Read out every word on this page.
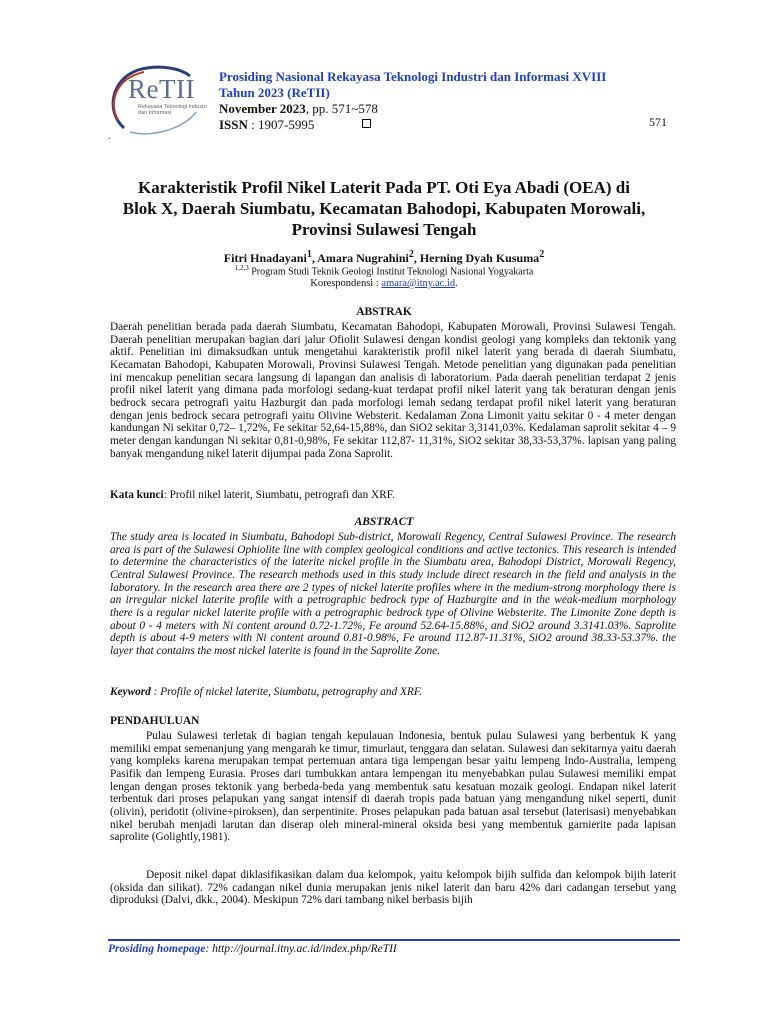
ReTII
Rekayasa Teknologi Industri dan Informasi
Prosiding Nasional Rekayasa Teknologi Industri dan Informasi XVIII
Tahun 2023 (ReTII)
November 2023, pp. 571~578
ISSN : 1907-5995	571
.
Karakteristik Profil Nikel Laterit Pada PT. Oti Eya Abadi (OEA) di Blok X, Daerah Siumbatu, Kecamatan Bahodopi, Kabupaten Morowali, Provinsi Sulawesi Tengah
Fitri Hnadayani$^1$, Amara Nugrahini$^2$, Herning Dyah Kusuma$^2$
$^{1,2,3}$ Program Studi Teknik Geologi Institut Teknologi Nasional Yogyakarta
Korespondensi : amara@itny.ac.id.
ABSTRAK
Daerah penelitian berada pada daerah Siumbatu, Kecamatan Bahodopi, Kabupaten Morowali, Provinsi Sulawesi Tengah. Daerah penelitian merupakan bagian dari jalur Ofiolit Sulawesi dengan kondisi geologi yang kompleks dan tektonik yang aktif. Penelitian ini dimaksudkan untuk mengetahui karakteristik profil nikel laterit yang berada di daerah Siumbatu, Kecamatan Bahodopi, Kabupaten Morowali, Provinsi Sulawesi Tengah. Metode penelitian yang digunakan pada penelitian ini mencakup penelitian secara langsung di lapangan dan analisis di laboratorium. Pada daerah penelitian terdapat 2 jenis profil nikel laterit yang dimana pada morfologi sedang-kuat terdapat profil nikel laterit yang tak beraturan dengan jenis bedrock secara petrografi yaitu Hazburgit dan pada morfologi lemah sedang terdapat profil nikel laterit yang beraturan dengan jenis bedrock secara petrografi yaitu Olivine Websterit. Kedalaman Zona Limonit yaitu sekitar 0 - 4 meter dengan kandungan Ni sekitar 0,72– 1,72%, Fe sekitar 52,64-15,88%, dan SiO2 sekitar 3,3141,03%. Kedalaman saprolit sekitar 4 – 9 meter dengan kandungan Ni sekitar 0,81-0,98%, Fe sekitar 112,87- 11,31%, SiO2 sekitar 38,33-53,37%. lapisan yang paling banyak mengandung nikel laterit dijumpai pada Zona Saprolit.
Kata kunci: Profil nikel laterit, Siumbatu, petrografi dan XRF.
ABSTRACT
The study area is located in Siumbatu, Bahodopi Sub-district, Morowali Regency, Central Sulawesi Province. The research area is part of the Sulawesi Ophiolite line with complex geological conditions and active tectonics. This research is intended to determine the characteristics of the laterite nickel profile in the Siumbatu area, Bahodopi District, Morowali Regency, Central Sulawesi Province. The research methods used in this study include direct research in the field and analysis in the laboratory. In the research area there are 2 types of nickel laterite profiles where in the medium-strong morphology there is an irregular nickel laterite profile with a petrographic bedrock type of Hazburgite and in the weak-medium morphology there is a regular nickel laterite profile with a petrographic bedrock type of Olivine Websterite. The Limonite Zone depth is about 0 - 4 meters with Ni content around 0.72-1.72%, Fe around 52.64-15.88%, and SiO2 around 3.3141.03%. Saprolite depth is about 4-9 meters with Ni content around 0.81-0.98%, Fe around 112.87-11.31%, SiO2 around 38.33-53.37%. the layer that contains the most nickel laterite is found in the Saprolite Zone.
Keyword : Profile of nickel laterite, Siumbatu, petrography and XRF.
PENDAHULUAN
Pulau Sulawesi terletak di bagian tengah kepulauan Indonesia, bentuk pulau Sulawesi yang berbentuk K yang memiliki empat semenanjung yang mengarah ke timur, timurlaut, tenggara dan selatan. Sulawesi dan sekitarnya yaitu daerah yang kompleks karena merupakan tempat pertemuan antara tiga lempengan besar yaitu lempeng Indo-Australia, lempeng Pasifik dan lempeng Eurasia. Proses dari tumbukkan antara lempengan itu menyebabkan pulau Sulawesi memiliki empat lengan dengan proses tektonik yang berbeda-beda yang membentuk satu kesatuan mozaik geologi. Endapan nikel laterit terbentuk dari proses pelapukan yang sangat intensif di daerah tropis pada batuan yang mengandung nikel seperti, dunit (olivin), peridotit (olivine+piroksen), dan serpentinite. Proses pelapukan pada batuan asal tersebut (laterisasi) menyebabkan nikel berubah menjadi larutan dan diserap oleh mineral-mineral oksida besi yang membentuk garnierite pada lapisan saprolite (Golightly,1981).
Deposit nikel dapat diklasifikasikan dalam dua kelompok, yaitu kelompok bijih sulfida dan kelompok bijih laterit (oksida dan silikat). 72% cadangan nikel dunia merupakan jenis nikel laterit dan baru 42% dari cadangan tersebut yang diproduksi (Dalvi, dkk., 2004). Meskipun 72% dari tambang nikel berbasis bijih
Prosiding homepage: http://journal.itny.ac.id/index.php/ReTII
